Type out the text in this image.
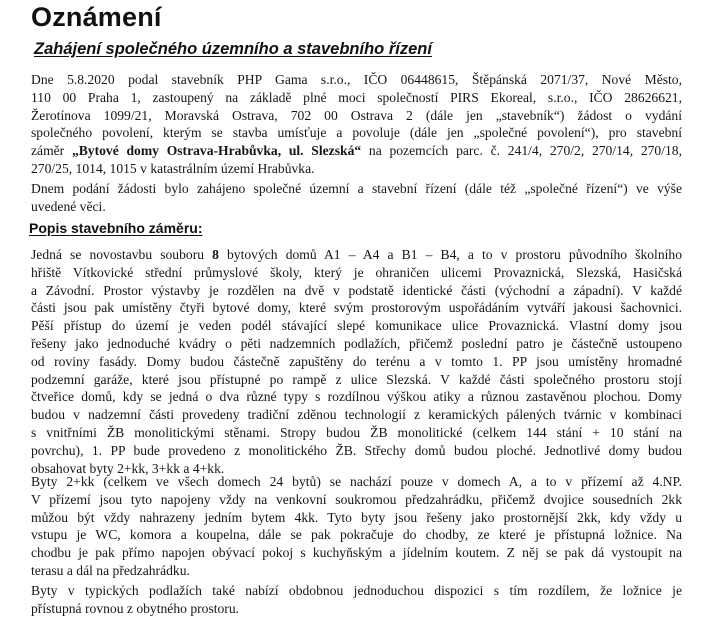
Oznámení
Zahájení společného územního a stavebního řízení
Dne 5.8.2020 podal stavebník PHP Gama s.r.o., IČO 06448615, Štěpánská 2071/37, Nové Město,
110 00 Praha 1, zastoupený na základě plné moci společností PIRS Ekoreal, s.r.o., IČO 28626621,
Žerotínova 1099/21, Moravská Ostrava, 702 00 Ostrava 2 (dále jen „stavebník“) žádost o vydání
společného povolení, kterým se stavba umísťuje a povoluje (dále jen „společné povolení“), pro stavební
záměr „Bytové domy Ostrava-Hrabůvka, ul. Slezská“ na pozemcích parc. č. 241/4, 270/2, 270/14, 270/18,
270/25, 1014, 1015 v katastrálním území Hrabůvka.
Dnem podání žádosti bylo zahájeno společné územní a stavební řízení (dále též „společné řízení“) ve výše
uvedené věci.
Popis stavebního záměru:
Jedná se novostavbu souboru 8 bytových domů A1 – A4 a B1 – B4, a to v prostoru původního školního
hřiště Vítkovické střední průmyslové školy, který je ohraničen ulicemi Provaznická, Slezská, Hasičská
a Závodní. Prostor výstavby je rozdělen na dvě v podstatě identické části (východní a západní). V každé
části jsou pak umístěny čtyři bytové domy, které svým prostorovým uspořádáním vytváří jakousi šachovnici.
Pěší přístup do území je veden podél stávající slepé komunikace ulice Provaznická. Vlastní domy jsou
řešeny jako jednoduché kvádry o pěti nadzemních podlažích, přičemž poslední patro je částečně ustoupeno
od roviny fasády. Domy budou částečně zapuštěny do terénu a v tomto 1. PP jsou umístěny hromadné
podzemní garáže, které jsou přístupné po rampě z ulice Slezská. V každé části společného prostoru stojí
čtveřice domů, kdy se jedná o dva různé typy s rozdílnou výškou atiky a různou zastavěnou plochou. Domy
budou v nadzemní části provedeny tradiční zděnou technologií z keramických pálených tvárnic v kombinaci
s vnitřními ŽB monolitickými stěnami. Stropy budou ŽB monolitické (celkem 144 stání + 10 stání na
povrchu), 1. PP bude provedeno z monolitického ŽB. Střechy domů budou ploché. Jednotlivé domy budou
obsahovat byty 2+kk, 3+kk a 4+kk.
Byty 2+kk (celkem ve všech domech 24 bytů) se nachází pouze v domech A, a to v přízemí až 4.NP.
V přízemí jsou tyto napojeny vždy na venkovní soukromou předzahrádku, přičemž dvojice sousedních 2kk
můžou být vždy nahrazeny jedním bytem 4kk. Tyto byty jsou řešeny jako prostornější 2kk, kdy vždy u
vstupu je WC, komora a koupelna, dále se pak pokračuje do chodby, ze které je přístupná ložnice. Na
chodbu je pak přímo napojen obývací pokoj s kuchyňským a jídelním koutem. Z něj se pak dá vystoupit na
terasu a dál na předzahrádku.
Byty v typických podlažích také nabízí obdobnou jednoduchou dispozici s tím rozdílem, že ložnice je
přístupná rovnou z obytného prostoru.
